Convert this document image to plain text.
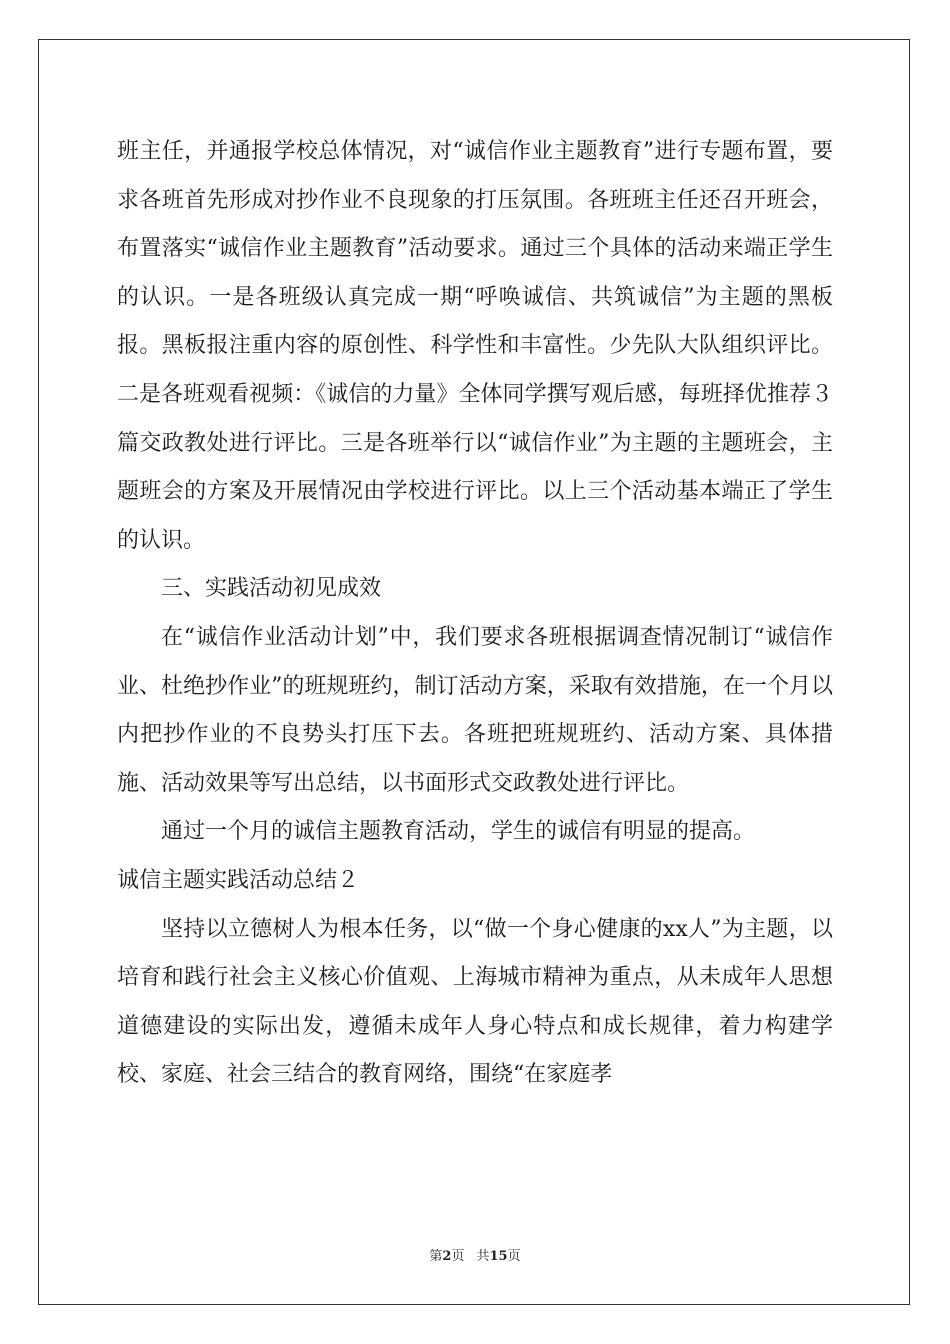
班主任，并通报学校总体情况，对“诚信作业主题教育”进行专题布置，要求各班首先形成对抄作业不良现象的打压氛围。各班班主任还召开班会，布置落实“诚信作业主题教育”活动要求。通过三个具体的活动来端正学生的认识。一是各班级认真完成一期“呼唤诚信、共筑诚信”为主题的黑板报。黑板报注重内容的原创性、科学性和丰富性。少先队大队组织评比。二是各班观看视频：《诚信的力量》全体同学撰写观后感，每班择优推荐３篇交政教处进行评比。三是各班举行以“诚信作业”为主题的主题班会，主题班会的方案及开展情况由学校进行评比。以上三个活动基本端正了学生的认识。

三、实践活动初见成效

在“诚信作业活动计划”中，我们要求各班根据调查情况制订“诚信作业、杜绝抄作业”的班规班约，制订活动方案，采取有效措施，在一个月以内把抄作业的不良势头打压下去。各班把班规班约、活动方案、具体措施、活动效果等写出总结，以书面形式交政教处进行评比。

通过一个月的诚信主题教育活动，学生的诚信有明显的提高。

诚信主题实践活动总结２

坚持以立德树人为根本任务，以“做一个身心健康的xx人”为主题，以培育和践行社会主义核心价值观、上海城市精神为重点，从未成年人思想道德建设的实际出发，遵循未成年人身心特点和成长规律，着力构建学校、家庭、社会三结合的教育网络，围绕“在家庭孝

第2页 共15页
